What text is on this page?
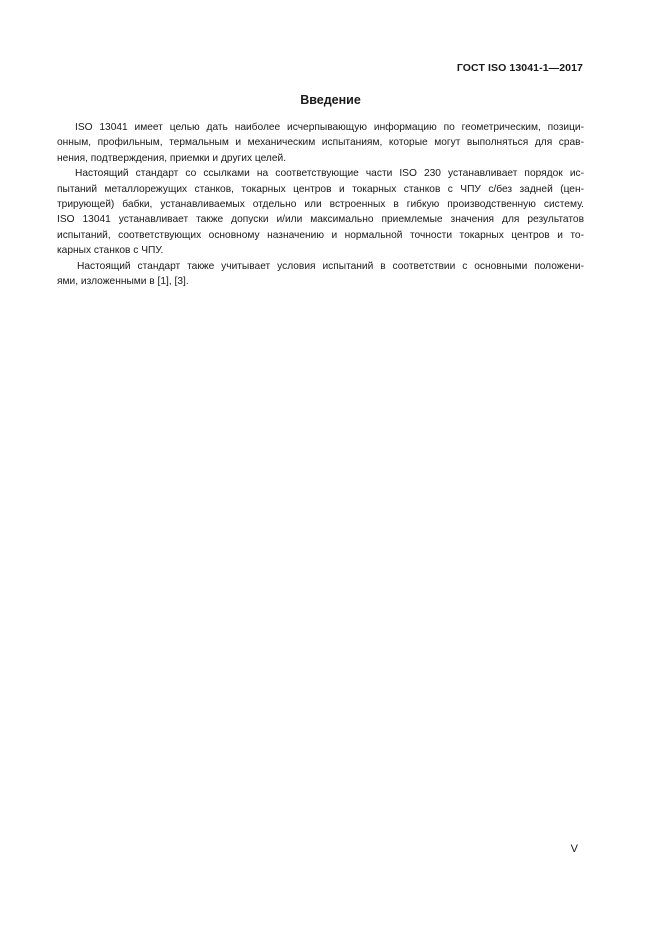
ГОСТ ISO 13041-1—2017
Введение
ISO 13041 имеет целью дать наиболее исчерпывающую информацию по геометрическим, позици-
онным, профильным, термальным и механическим испытаниям, которые могут выполняться для срав-
нения, подтверждения, приемки и других целей.
Настоящий стандарт со ссылками на соответствующие части ISO 230 устанавливает порядок ис-
пытаний металлорежущих станков, токарных центров и токарных станков с ЧПУ с/без задней (цен-
трирующей) бабки, устанавливаемых отдельно или встроенных в гибкую производственную систему.
ISO 13041 устанавливает также допуски и/или максимально приемлемые значения для результатов
испытаний, соответствующих основному назначению и нормальной точности токарных центров и то-
карных станков с ЧПУ.
Настоящий стандарт также учитывает условия испытаний в соответствии с основными положени-
ями, изложенными в [1], [3].
V
